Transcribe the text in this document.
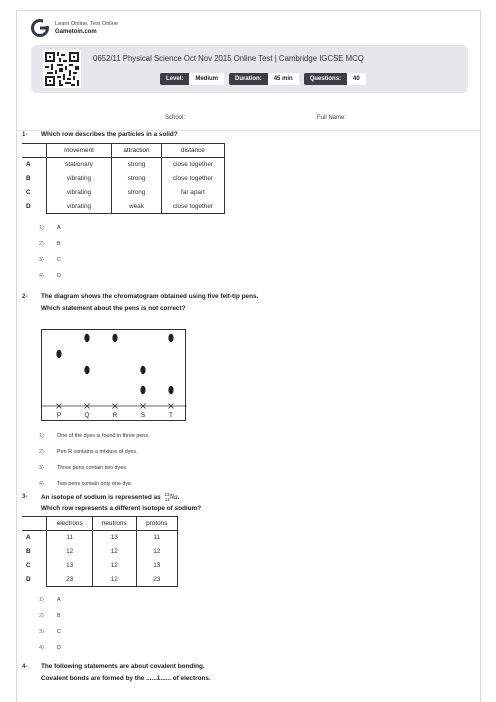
Learn Online, Test Online
Gametoin.com
0652/11 Physical Science Oct Nov 2015 Online Test | Cambridge IGCSE MCQ
Level:	Medium	Duration:	45 min	Questions:	40
School:	Full Name:
1- Which row describes the particles in a solid?
	movement	attraction	distance
A	stationary	strong	close together
B	vibrating	strong	close together
C	vibrating	strong	far apart
D	vibrating	weak	close together
1) A
2) B
3) C
4) D
2- The diagram shows the chromatogram obtained using five felt-tip pens.
Which statement about the pens is not correct?
P	Q	R	S	T
1) One of the dyes is found in three pens.
2) Pen R contains a mixture of dyes.
3) Three pens contain two dyes.
4) Two pens contain only one dye.
3- An isotope of sodium is represented as 23
11 Na.
Which row represents a different isotope of sodium?
	electrons	neutrons	protons
A	11	13	11
B	12	12	12
C	13	12	13
D	23	12	23
1) A
2) B
3) C
4) D
4- The following statements are about covalent bonding.
Covalent bonds are formed by the ......1...... of electrons.
